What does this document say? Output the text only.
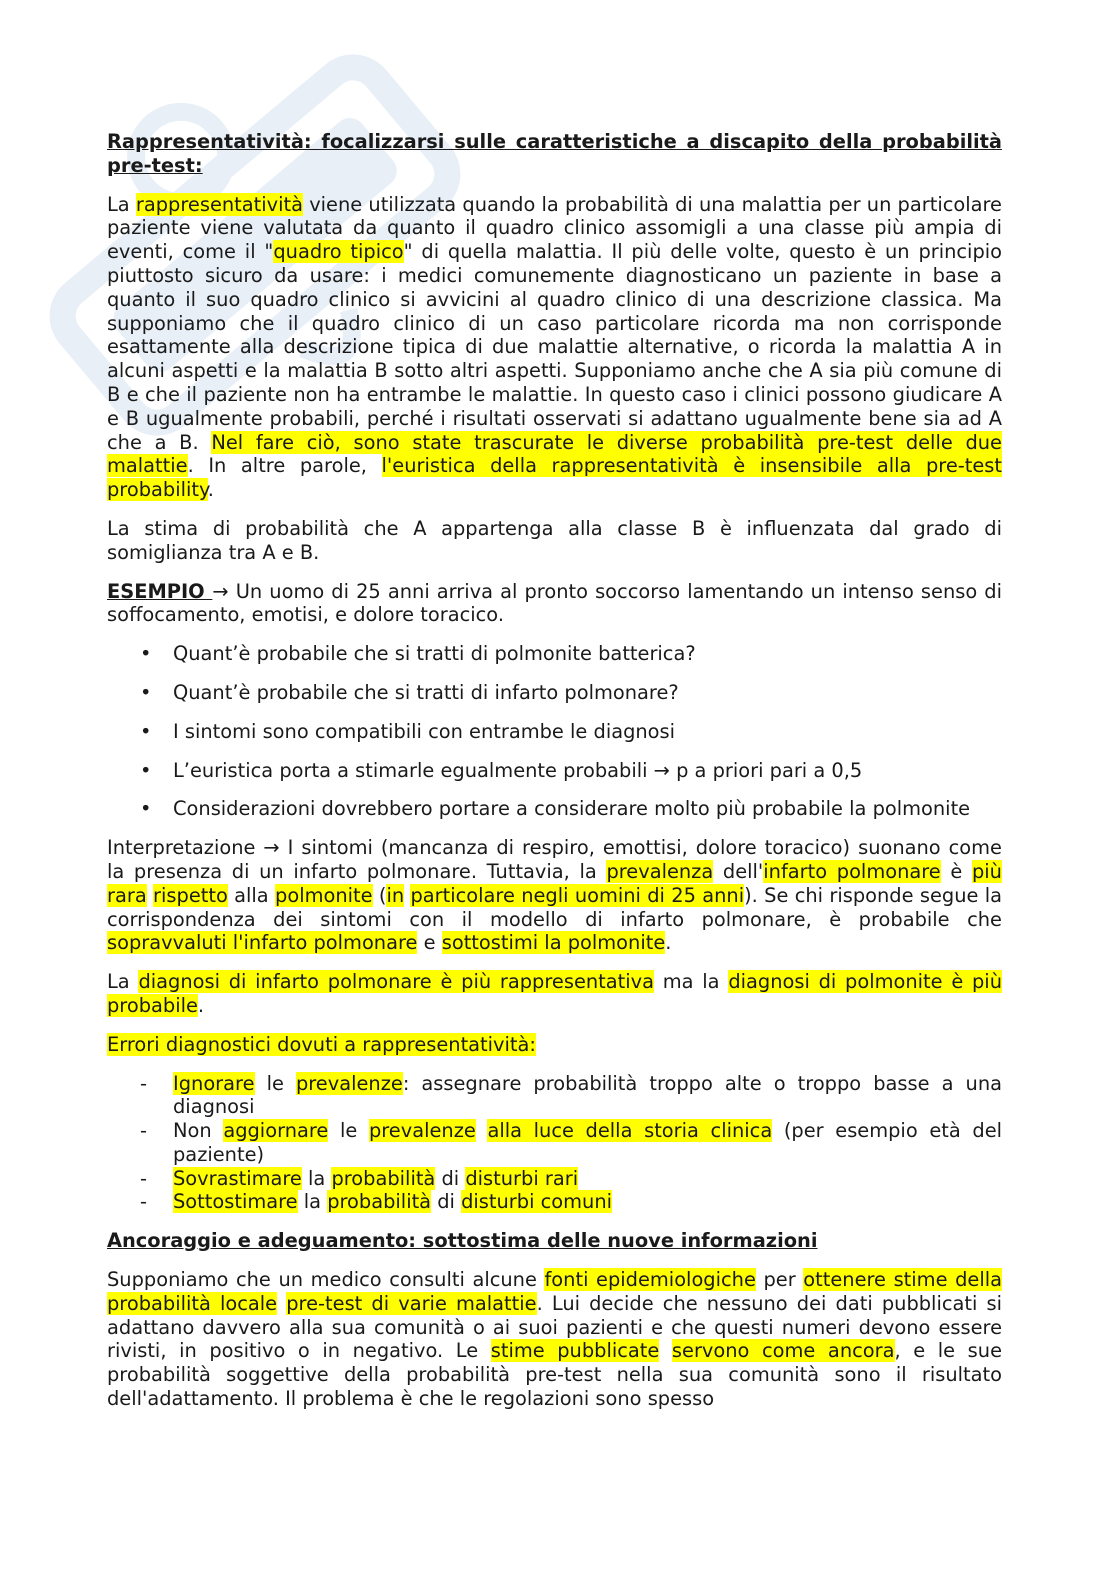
Rappresentatività: focalizzarsi sulle caratteristiche a discapito della probabilità pre-test:

La rappresentatività viene utilizzata quando la probabilità di una malattia per un particolare paziente viene valutata da quanto il quadro clinico assomigli a una classe più ampia di eventi, come il "quadro tipico" di quella malattia. Il più delle volte, questo è un principio piuttosto sicuro da usare: i medici comunemente diagnosticano un paziente in base a quanto il suo quadro clinico si avvicini al quadro clinico di una descrizione classica. Ma supponiamo che il quadro clinico di un caso particolare ricorda ma non corrisponde esattamente alla descrizione tipica di due malattie alternative, o ricorda la malattia A in alcuni aspetti e la malattia B sotto altri aspetti. Supponiamo anche che A sia più comune di B e che il paziente non ha entrambe le malattie. In questo caso i clinici possono giudicare A e B ugualmente probabili, perché i risultati osservati si adattano ugualmente bene sia ad A che a B. Nel fare ciò, sono state trascurate le diverse probabilità pre-test delle due malattie. In altre parole, l'euristica della rappresentatività è insensibile alla pre-test probability.

La stima di probabilità che A appartenga alla classe B è influenzata dal grado di somiglianza tra A e B.

ESEMPIO → Un uomo di 25 anni arriva al pronto soccorso lamentando un intenso senso di soffocamento, emotisi, e dolore toracico.

• Quant’è probabile che si tratti di polmonite batterica?
• Quant’è probabile che si tratti di infarto polmonare?
• I sintomi sono compatibili con entrambe le diagnosi
• L’euristica porta a stimarle egualmente probabili → p a priori pari a 0,5
• Considerazioni dovrebbero portare a considerare molto più probabile la polmonite

Interpretazione → I sintomi (mancanza di respiro, emottisi, dolore toracico) suonano come la presenza di un infarto polmonare. Tuttavia, la prevalenza dell'infarto polmonare è più rara rispetto alla polmonite (in particolare negli uomini di 25 anni). Se chi risponde segue la corrispondenza dei sintomi con il modello di infarto polmonare, è probabile che sopravvaluti l'infarto polmonare e sottostimi la polmonite.

La diagnosi di infarto polmonare è più rappresentativa ma la diagnosi di polmonite è più probabile.

Errori diagnostici dovuti a rappresentatività:

- Ignorare le prevalenze: assegnare probabilità troppo alte o troppo basse a una diagnosi
- Non aggiornare le prevalenze alla luce della storia clinica (per esempio età del paziente)
- Sovrastimare la probabilità di disturbi rari
- Sottostimare la probabilità di disturbi comuni
Ancoraggio e adeguamento: sottostima delle nuove informazioni

Supponiamo che un medico consulti alcune fonti epidemiologiche per ottenere stime della probabilità locale pre-test di varie malattie. Lui decide che nessuno dei dati pubblicati si adattano davvero alla sua comunità o ai suoi pazienti e che questi numeri devono essere rivisti, in positivo o in negativo. Le stime pubblicate servono come ancora, e le sue probabilità soggettive della probabilità pre-test nella sua comunità sono il risultato dell'adattamento. Il problema è che le regolazioni sono spesso
